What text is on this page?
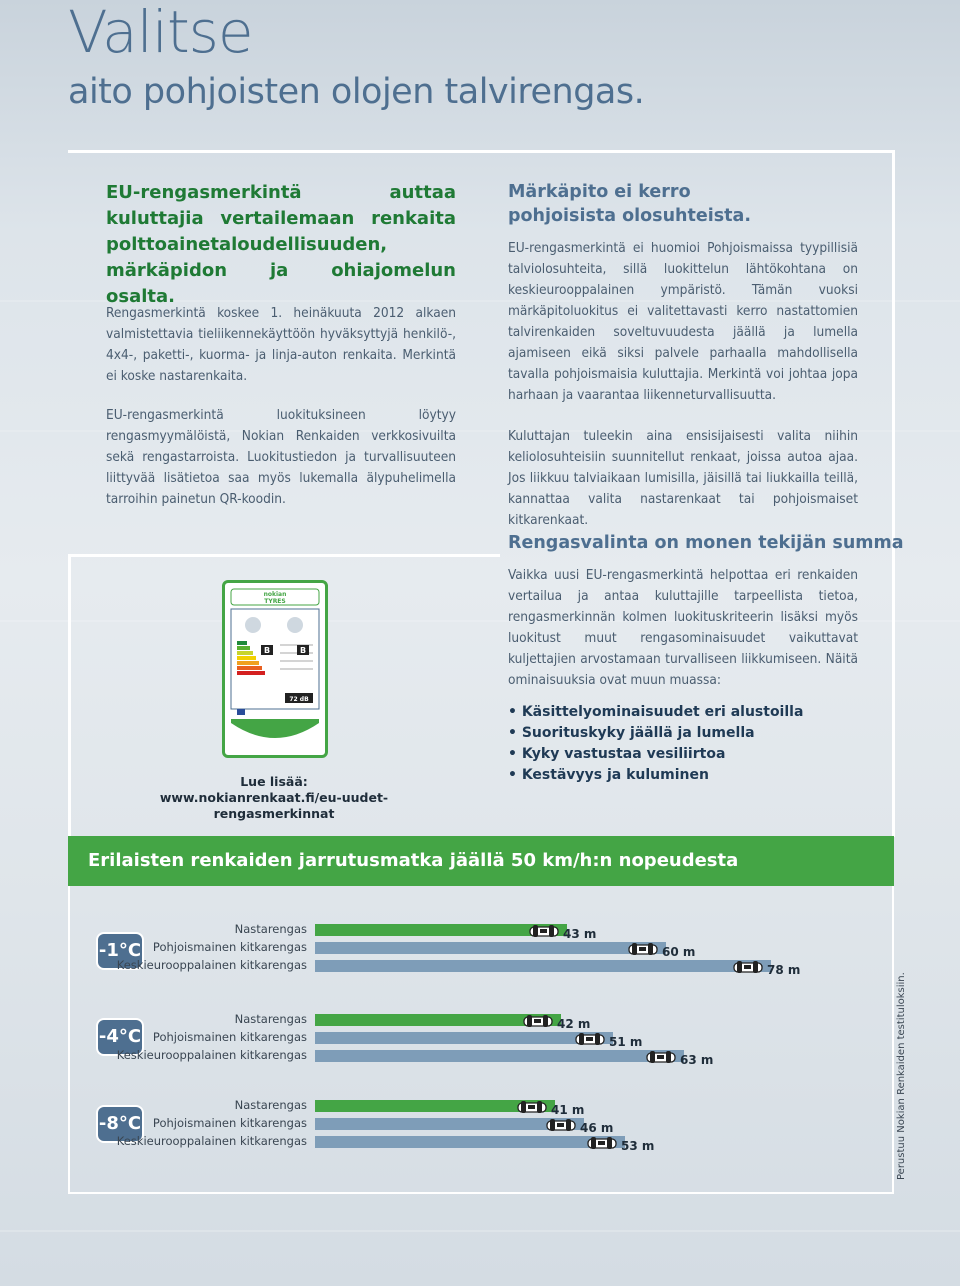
Valitse
aito pohjoisten olojen talvirengas.
EU-rengasmerkintä auttaa kuluttajia vertailemaan renkaita polttoainetaloudellisuuden, märkäpidon ja ohiajomelun osalta.
Rengasmerkintä koskee 1. heinäkuuta 2012 alkaen valmistettavia tieliikennekäyttöön hyväksyttyjä henkilö-, 4x4-, paketti-, kuorma- ja linja-auton renkaita. Merkintä ei koske nastarenkaita.
EU-rengasmerkintä luokituksineen löytyy rengasmyymälöistä, Nokian Renkaiden verkkosivuilta sekä rengastarroista. Luokitustiedon ja turvallisuuteen liittyvää lisätietoa saa myös lukemalla älypuhelimella tarroihin painetun QR-koodin.
Märkäpito ei kerro pohjoisista olosuhteista.
EU-rengasmerkintä ei huomioi Pohjoismaissa tyypillisiä talviolosuhteita, sillä luokittelun lähtökohtana on keskieurooppalainen ympäristö. Tämän vuoksi märkäpitoluokitus ei valitettavasti kerro nastattomien talvirenkaiden soveltuvuudesta jäällä ja lumella ajamiseen eikä siksi palvele parhaalla mahdollisella tavalla pohjoismaisia kuluttajia. Merkintä voi johtaa jopa harhaan ja vaarantaa liikenneturvallisuutta.
Kuluttajan tuleekin aina ensisijaisesti valita niihin keliolosuhteisiin suunnitellut renkaat, joissa autoa ajaa. Jos liikkuu talviaikaan lumisilla, jäisillä tai liukkailla teillä, kannattaa valita nastarenkaat tai pohjoismaiset kitkarenkaat.
Rengasvalinta on monen tekijän summa
Vaikka uusi EU-rengasmerkintä helpottaa eri renkaiden vertailua ja antaa kuluttajille tarpeellista tietoa, rengasmerkinnän kolmen luokituskriteerin lisäksi myös luokitust muut rengasominaisuudet vaikuttavat kuljettajien arvostamaan turvalliseen liikkumiseen. Näitä ominaisuuksia ovat muun muassa:
• Käsittelyominaisuudet eri alustoilla
• Suorituskyky jäällä ja lumella
• Kyky vastustaa vesiliirtoa
• Kestävyys ja kuluminen
nokian
TYRES
B	B
72 dB
Lue lisää:
www.nokianrenkaat.fi/eu-uudet-rengasmerkinnat
Erilaisten renkaiden jarrutusmatka jäällä 50 km/h:n nopeudesta
-1°C
Nastarengas	43 m
Pohjoismainen kitkarengas	60 m
Keskieurooppalainen kitkarengas	78 m
-4°C
Nastarengas	42 m
Pohjoismainen kitkarengas	51 m
Keskieurooppalainen kitkarengas	63 m
-8°C
Nastarengas	41 m
Pohjoismainen kitkarengas	46 m
Keskieurooppalainen kitkarengas	53 m	Perustuu Nokian Renkaiden testituloksiin.
